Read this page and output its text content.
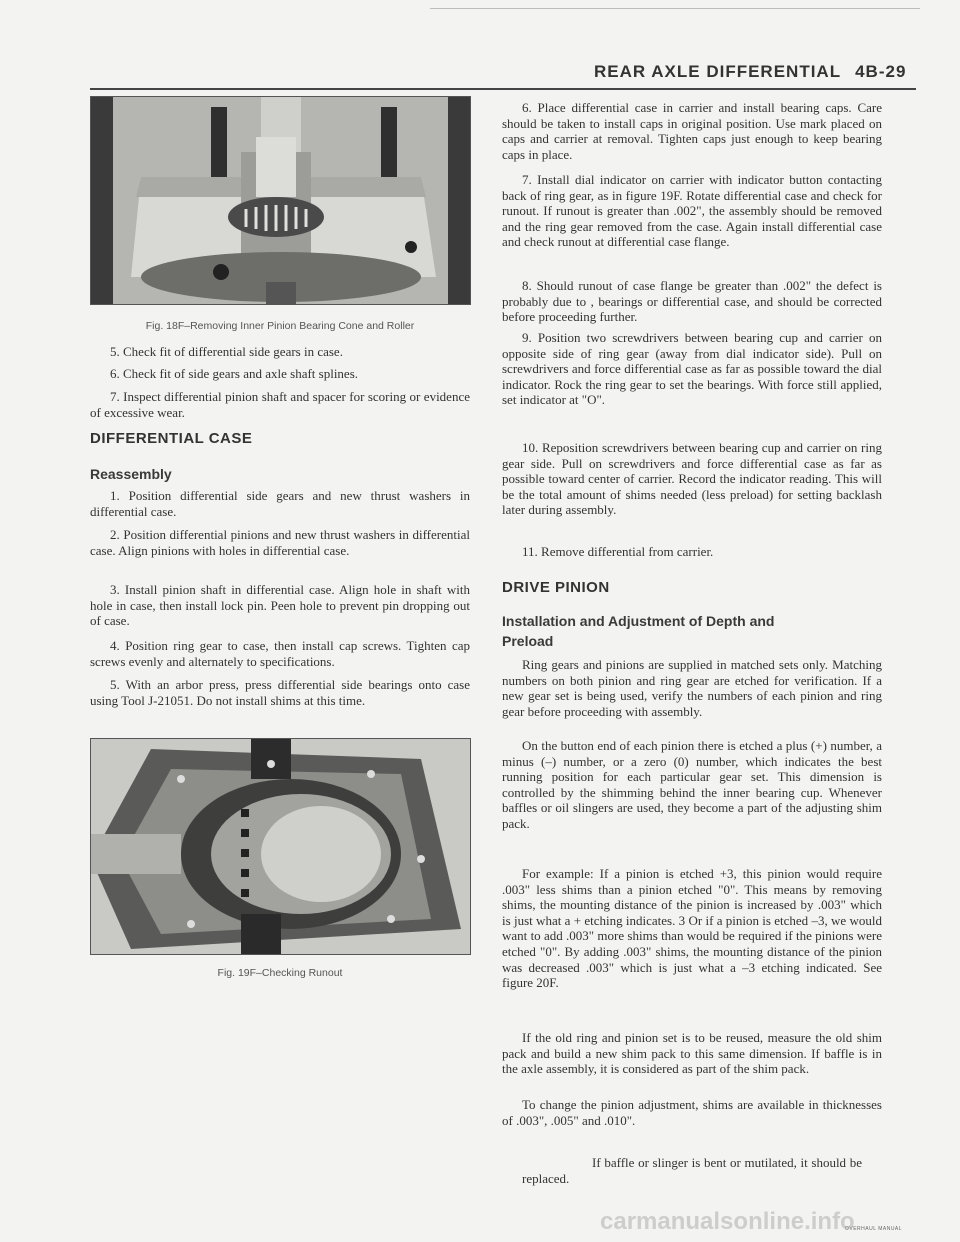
REAR AXLE DIFFERENTIAL 4B-29
Fig. 18F–Removing Inner Pinion Bearing Cone and Roller

5. Check fit of differential side gears in case.

6. Check fit of side gears and axle shaft splines.

7. Inspect differential pinion shaft and spacer for scoring or evidence of excessive wear.

DIFFERENTIAL CASE
Reassembly

1. Position differential side gears and new thrust washers in differential case.

2. Position differential pinions and new thrust washers in differential case. Align pinions with holes in differential case.

3. Install pinion shaft in differential case. Align hole in shaft with hole in case, then install lock pin. Peen hole to prevent pin dropping out of case.

4. Position ring gear to case, then install cap screws. Tighten cap screws evenly and alternately to specifications.

5. With an arbor press, press differential side bearings onto case using Tool J-21051. Do not install shims at this time.

Fig. 19F–Checking Runout

6. Place differential case in carrier and install bearing caps. Care should be taken to install caps in original position. Use mark placed on caps and carrier at removal. Tighten caps just enough to keep bearing caps in place.

7. Install dial indicator on carrier with indicator button contacting back of ring gear, as in figure 19F. Rotate differential case and check for runout. If runout is greater than .002", the assembly should be removed and the ring gear removed from the case. Again install differential case and check runout at differential case flange.

8. Should runout of case flange be greater than .002" the defect is probably due to , bearings or differential case, and should be corrected before proceeding further.

9. Position two screwdrivers between bearing cup and carrier on opposite side of ring gear (away from dial indicator side). Pull on screwdrivers and force differential case as far as possible toward the dial indicator. Rock the ring gear to set the bearings. With force still applied, set indicator at "O".

10. Reposition screwdrivers between bearing cup and carrier on ring gear side. Pull on screwdrivers and force differential case as far as possible toward center of carrier. Record the indicator reading. This will be the total amount of shims needed (less preload) for setting backlash later during assembly.

11. Remove differential from carrier.

DRIVE PINION
Installation and Adjustment of Depth and
Preload

Ring gears and pinions are supplied in matched sets only. Matching numbers on both pinion and ring gear are etched for verification. If a new gear set is being used, verify the numbers of each pinion and ring gear before proceeding with assembly.

On the button end of each pinion there is etched a plus (+) number, a minus (–) number, or a zero (0) number, which indicates the best running position for each particular gear set. This dimension is controlled by the shimming behind the inner bearing cup. Whenever baffles or oil slingers are used, they become a part of the adjusting shim pack.

For example: If a pinion is etched +3, this pinion would require .003" less shims than a pinion etched "0". This means by removing shims, the mounting distance of the pinion is increased by .003" which is just what a + etching indicates. 3 Or if a pinion is etched –3, we would want to add .003" more shims than would be required if the pinions were etched "0". By adding .003" shims, the mounting distance of the pinion was decreased .003" which is just what a –3 etching indicated. See figure 20F.

If the old ring and pinion set is to be reused, measure the old shim pack and build a new shim pack to this same dimension. If baffle is in the axle assembly, it is considered as part of the shim pack.

To change the pinion adjustment, shims are available in thicknesses of .003", .005" and .010".

If baffle or slinger is bent or mutilated, it should be replaced.

OVERHAUL MANUAL
carmanualsonline.info
